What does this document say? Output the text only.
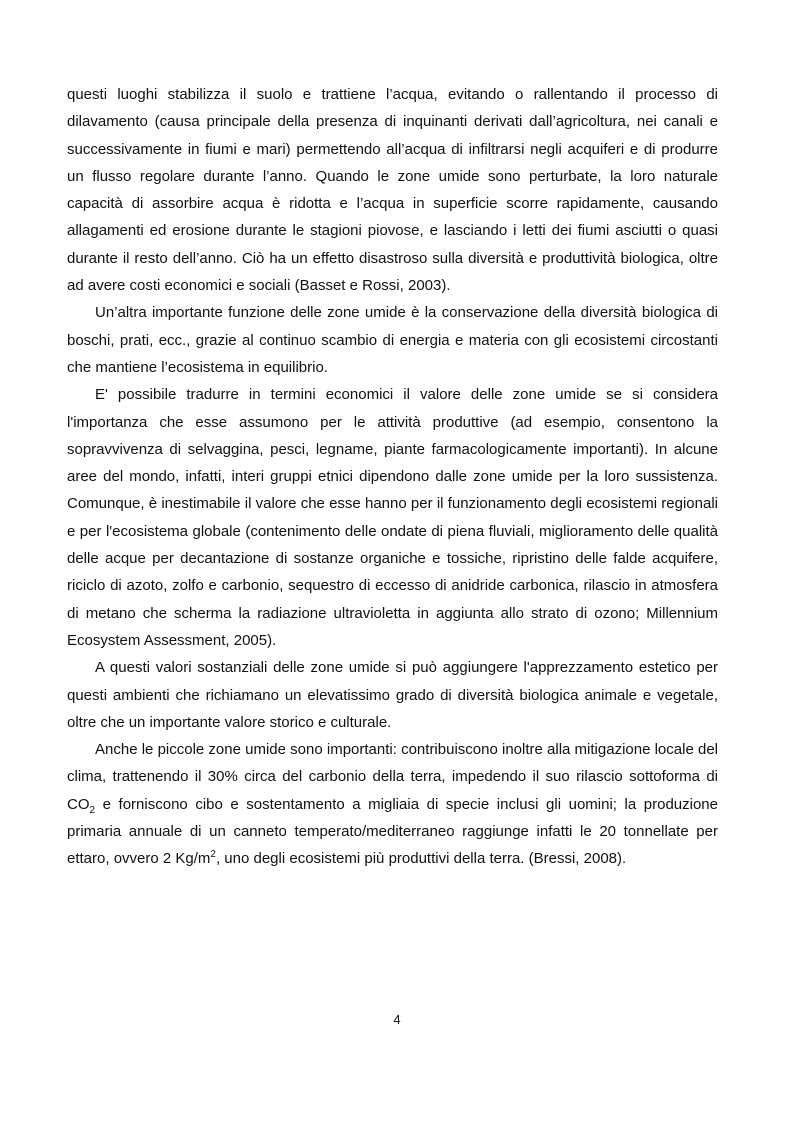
questi luoghi stabilizza il suolo e trattiene l’acqua, evitando o rallentando il processo di dilavamento (causa principale della presenza di inquinanti derivati dall’agricoltura, nei canali e successivamente in fiumi e mari) permettendo all’acqua di infiltrarsi negli acquiferi e di produrre un flusso regolare durante l’anno. Quando le zone umide sono perturbate, la loro naturale capacità di assorbire acqua è ridotta e l’acqua in superficie scorre rapidamente, causando allagamenti ed erosione durante le stagioni piovose, e lasciando i letti dei fiumi asciutti o quasi durante il resto dell’anno. Ciò ha un effetto disastroso sulla diversità e produttività biologica, oltre ad avere costi economici e sociali (Basset e Rossi, 2003).

Un’altra importante funzione delle zone umide è la conservazione della diversità biologica di boschi, prati, ecc., grazie al continuo scambio di energia e materia con gli ecosistemi circostanti che mantiene l’ecosistema in equilibrio.

E' possibile tradurre in termini economici il valore delle zone umide se si considera l'importanza che esse assumono per le attività produttive (ad esempio, consentono la sopravvivenza di selvaggina, pesci, legname, piante farmacologicamente importanti). In alcune aree del mondo, infatti, interi gruppi etnici dipendono dalle zone umide per la loro sussistenza. Comunque, è inestimabile il valore che esse hanno per il funzionamento degli ecosistemi regionali e per l'ecosistema globale (contenimento delle ondate di piena fluviali, miglioramento delle qualità delle acque per decantazione di sostanze organiche e tossiche, ripristino delle falde acquifere, riciclo di azoto, zolfo e carbonio, sequestro di eccesso di anidride carbonica, rilascio in atmosfera di metano che scherma la radiazione ultravioletta in aggiunta allo strato di ozono; Millennium Ecosystem Assessment, 2005).

A questi valori sostanziali delle zone umide si può aggiungere l'apprezzamento estetico per questi ambienti che richiamano un elevatissimo grado di diversità biologica animale e vegetale, oltre che un importante valore storico e culturale.

Anche le piccole zone umide sono importanti: contribuiscono inoltre alla mitigazione locale del clima, trattenendo il 30% circa del carbonio della terra, impedendo il suo rilascio sottoforma di $CO_2$ e forniscono cibo e sostentamento a migliaia di specie inclusi gli uomini; la produzione primaria annuale di un canneto temperato/mediterraneo raggiunge infatti le 20 tonnellate per ettaro, ovvero 2 $Kg/m^2$, uno degli ecosistemi più produttivi della terra. (Bressi, 2008).

4
